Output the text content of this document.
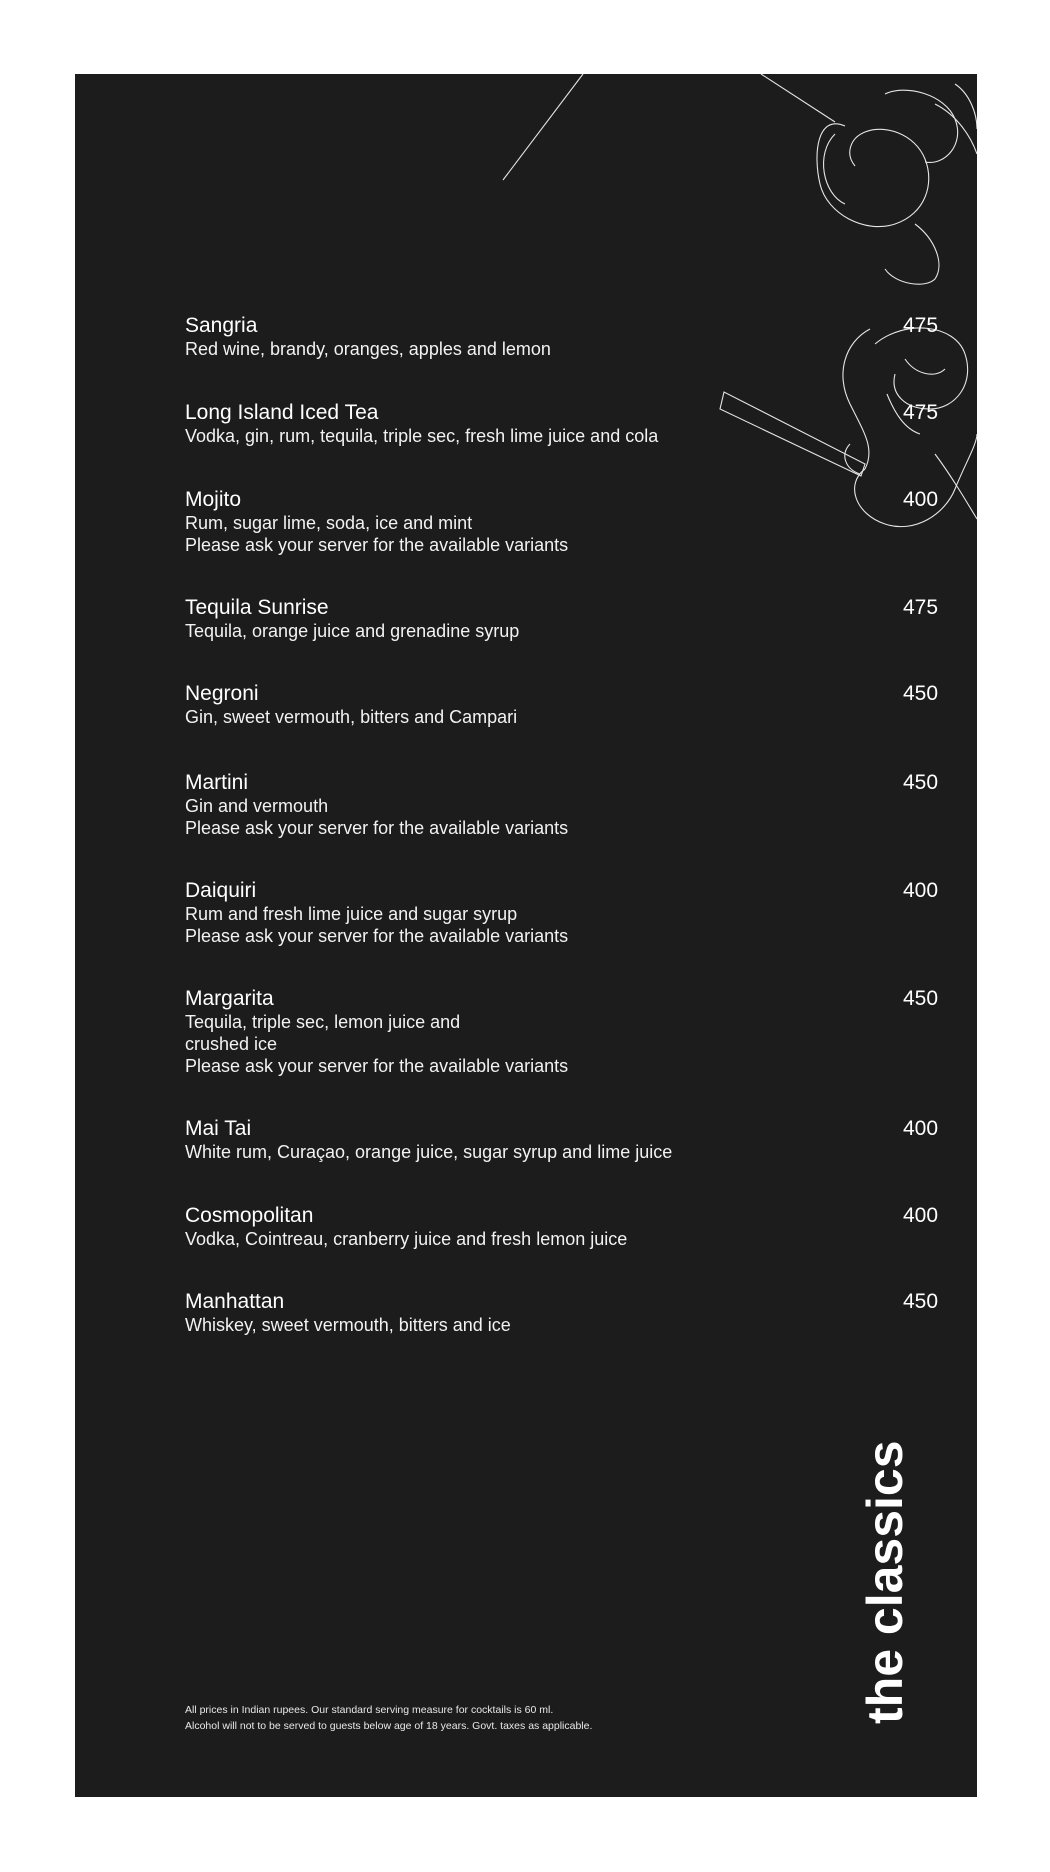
Sangria
Red wine, brandy, oranges, apples and lemon
475
Long Island Iced Tea
Vodka, gin, rum, tequila, triple sec, fresh lime juice and cola
475
Mojito
Rum, sugar lime, soda, ice and mint
Please ask your server for the available variants
400
Tequila Sunrise
Tequila, orange juice and grenadine syrup
475
Negroni
Gin, sweet vermouth, bitters and Campari
450
Martini
Gin and vermouth
Please ask your server for the available variants
450
Daiquiri
Rum and fresh lime juice and sugar syrup
Please ask your server for the available variants
400
Margarita
Tequila, triple sec, lemon juice and
crushed ice
Please ask your server for the available variants
450
Mai Tai
White rum, Curaçao, orange juice, sugar syrup and lime juice
400
Cosmopolitan
Vodka, Cointreau, cranberry juice and fresh lemon juice
400
Manhattan
Whiskey, sweet vermouth, bitters and ice
450
All prices in Indian rupees. Our standard serving measure for cocktails is 60 ml.
Alcohol will not to be served to guests below age of 18 years. Govt. taxes as applicable.
the classics
